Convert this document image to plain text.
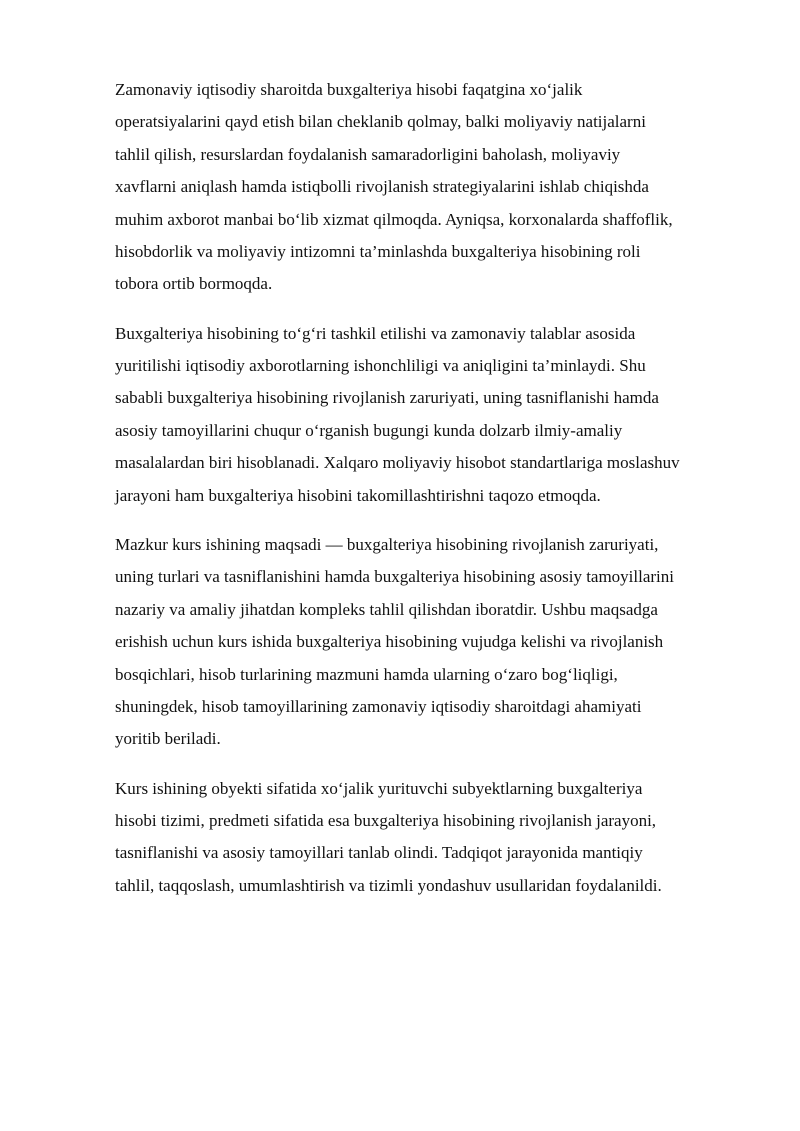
Zamonaviy iqtisodiy sharoitda buxgalteriya hisobi faqatgina xo‘jalik
operatsiyalarini qayd etish bilan cheklanib qolmay, balki moliyaviy natijalarni
tahlil qilish, resurslardan foydalanish samaradorligini baholash, moliyaviy
xavflarni aniqlash hamda istiqbolli rivojlanish strategiyalarini ishlab chiqishda
muhim axborot manbai bo‘lib xizmat qilmoqda. Ayniqsa, korxonalarda shaffoflik,
hisobdorlik va moliyaviy intizomni ta’minlashda buxgalteriya hisobining roli
tobora ortib bormoqda.

Buxgalteriya hisobining to‘g‘ri tashkil etilishi va zamonaviy talablar asosida
yuritilishi iqtisodiy axborotlarning ishonchliligi va aniqligini ta’minlaydi. Shu
sababli buxgalteriya hisobining rivojlanish zaruriyati, uning tasniflanishi hamda
asosiy tamoyillarini chuqur o‘rganish bugungi kunda dolzarb ilmiy-amaliy
masalalardan biri hisoblanadi. Xalqaro moliyaviy hisobot standartlariga moslashuv
jarayoni ham buxgalteriya hisobini takomillashtirishni taqozo etmoqda.

Mazkur kurs ishining maqsadi — buxgalteriya hisobining rivojlanish zaruriyati,
uning turlari va tasniflanishini hamda buxgalteriya hisobining asosiy tamoyillarini
nazariy va amaliy jihatdan kompleks tahlil qilishdan iboratdir. Ushbu maqsadga
erishish uchun kurs ishida buxgalteriya hisobining vujudga kelishi va rivojlanish
bosqichlari, hisob turlarining mazmuni hamda ularning o‘zaro bog‘liqligi,
shuningdek, hisob tamoyillarining zamonaviy iqtisodiy sharoitdagi ahamiyati
yoritib beriladi.

Kurs ishining obyekti sifatida xo‘jalik yurituvchi subyektlarning buxgalteriya
hisobi tizimi, predmeti sifatida esa buxgalteriya hisobining rivojlanish jarayoni,
tasniflanishi va asosiy tamoyillari tanlab olindi. Tadqiqot jarayonida mantiqiy
tahlil, taqqoslash, umumlashtirish va tizimli yondashuv usullaridan foydalanildi.
